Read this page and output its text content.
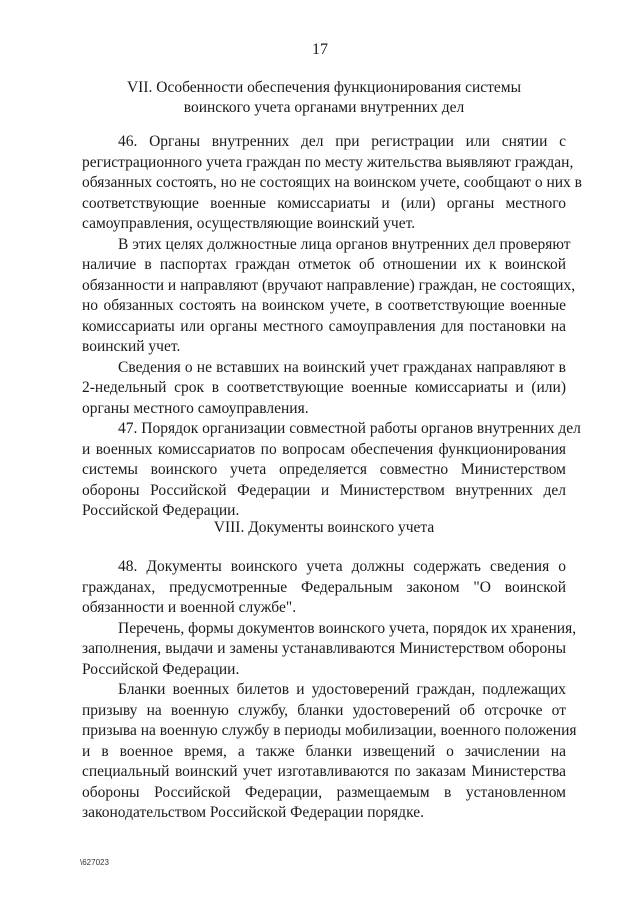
17
VII. Особенности обеспечения функционирования системы
воинского учета органами внутренних дел
46. Органы внутренних дел при регистрации или снятии с
регистрационного учета граждан по месту жительства выявляют граждан,
обязанных состоять, но не состоящих на воинском учете, сообщают о них в
соответствующие военные комиссариаты и (или) органы местного
самоуправления, осуществляющие воинский учет.
В этих целях должностные лица органов внутренних дел проверяют
наличие в паспортах граждан отметок об отношении их к воинской
обязанности и направляют (вручают направление) граждан, не состоящих,
но обязанных состоять на воинском учете, в соответствующие военные
комиссариаты или органы местного самоуправления для постановки на
воинский учет.
Сведения о не вставших на воинский учет гражданах направляют в
2-недельный срок в соответствующие военные комиссариаты и (или)
органы местного самоуправления.
47. Порядок организации совместной работы органов внутренних дел
и военных комиссариатов по вопросам обеспечения функционирования
системы воинского учета определяется совместно Министерством
обороны Российской Федерации и Министерством внутренних дел
Российской Федерации.
VIII. Документы воинского учета
48. Документы воинского учета должны содержать сведения о
гражданах, предусмотренные Федеральным законом "О воинской
обязанности и военной службе".
Перечень, формы документов воинского учета, порядок их хранения,
заполнения, выдачи и замены устанавливаются Министерством обороны
Российской Федерации.
Бланки военных билетов и удостоверений граждан, подлежащих
призыву на военную службу, бланки удостоверений об отсрочке от
призыва на военную службу в периоды мобилизации, военного положения
и в военное время, а также бланки извещений о зачислении на
специальный воинский учет изготавливаются по заказам Министерства
обороны Российской Федерации, размещаемым в установленном
законодательством Российской Федерации порядке.
\627023
